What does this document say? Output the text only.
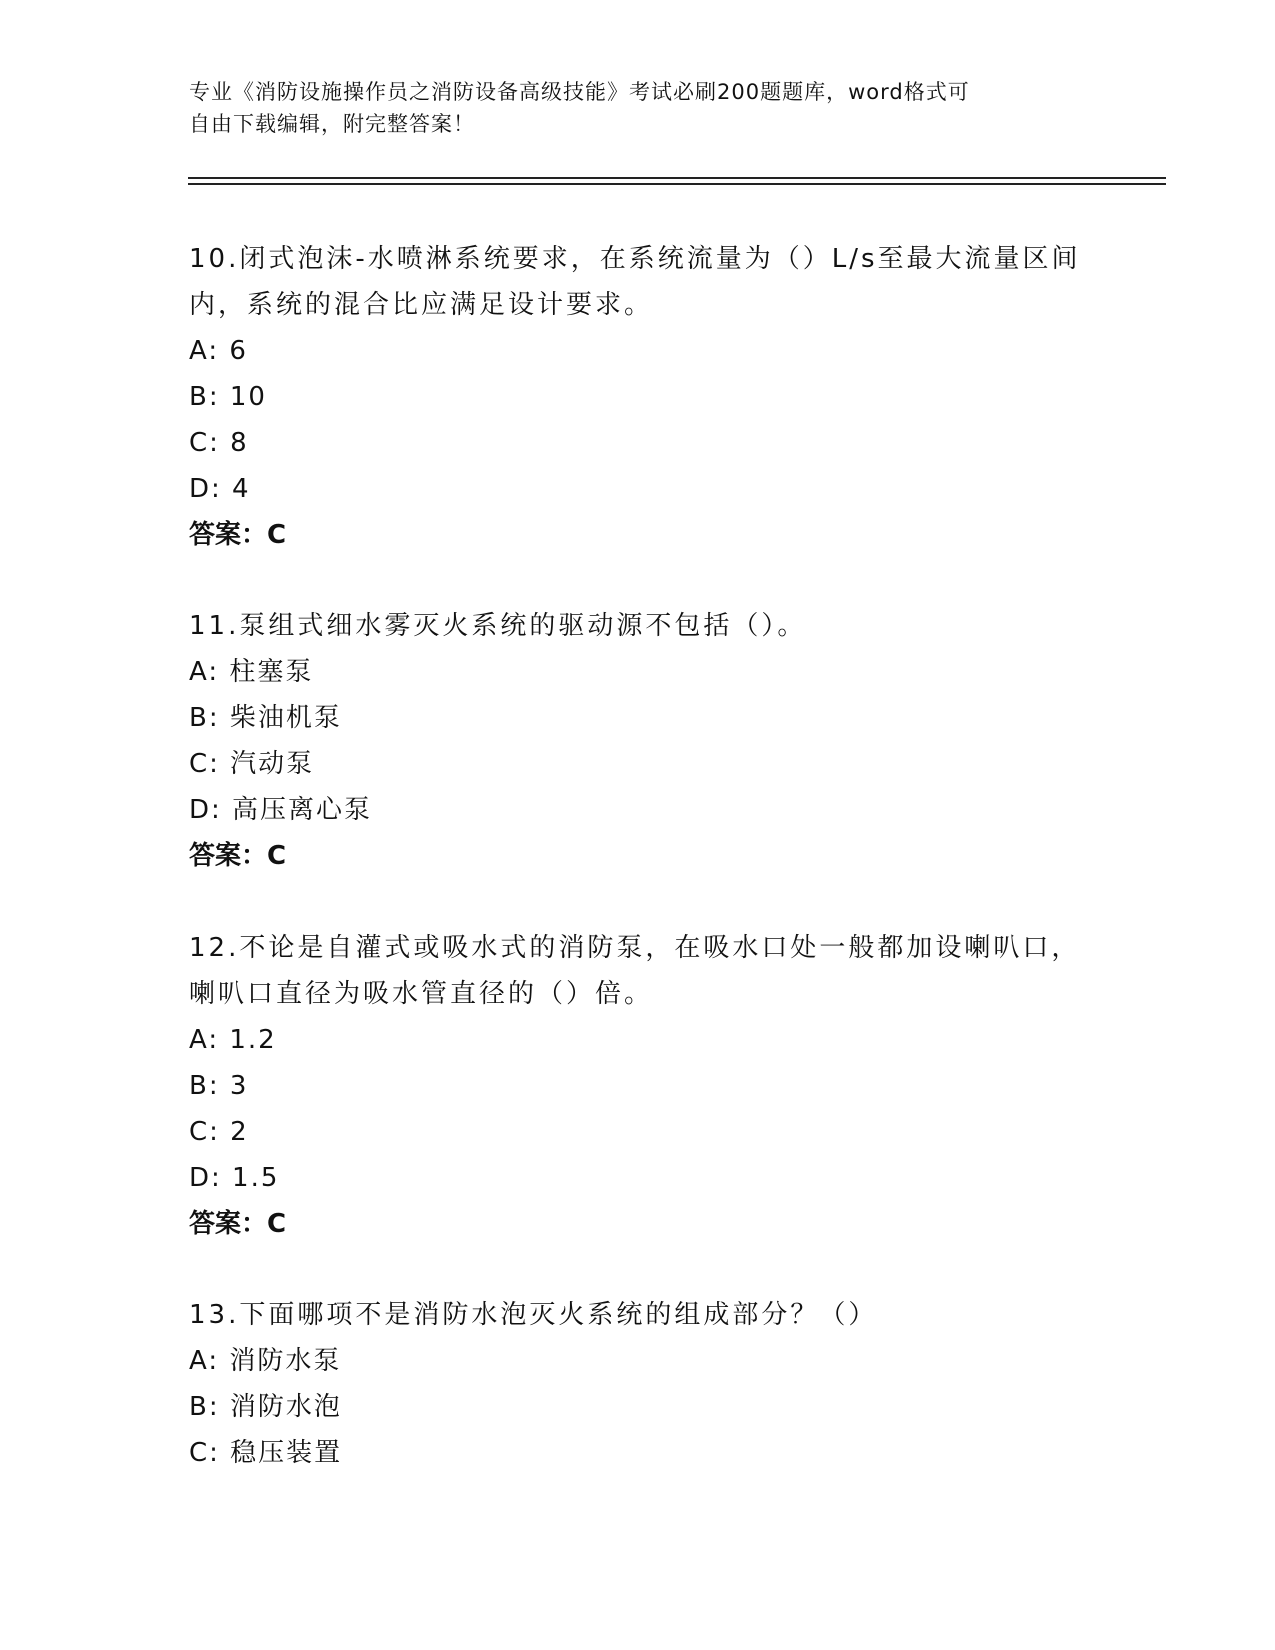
专业《消防设施操作员之消防设备高级技能》考试必刷200题题库，word格式可
自由下载编辑，附完整答案！

10.闭式泡沫-水喷淋系统要求，在系统流量为（）L/s至最大流量区间

内，系统的混合比应满足设计要求。

A: 6

B: 10

C: 8

D: 4

答案：C

11.泵组式细水雾灭火系统的驱动源不包括（）。

A: 柱塞泵

B: 柴油机泵

C: 汽动泵

D: 高压离心泵

答案：C

12.不论是自灌式或吸水式的消防泵，在吸水口处一般都加设喇叭口，

喇叭口直径为吸水管直径的（）倍。

A: 1.2

B: 3

C: 2

D: 1.5

答案：C

13.下面哪项不是消防水泡灭火系统的组成部分？（）

A: 消防水泵

B: 消防水泡

C: 稳压装置
